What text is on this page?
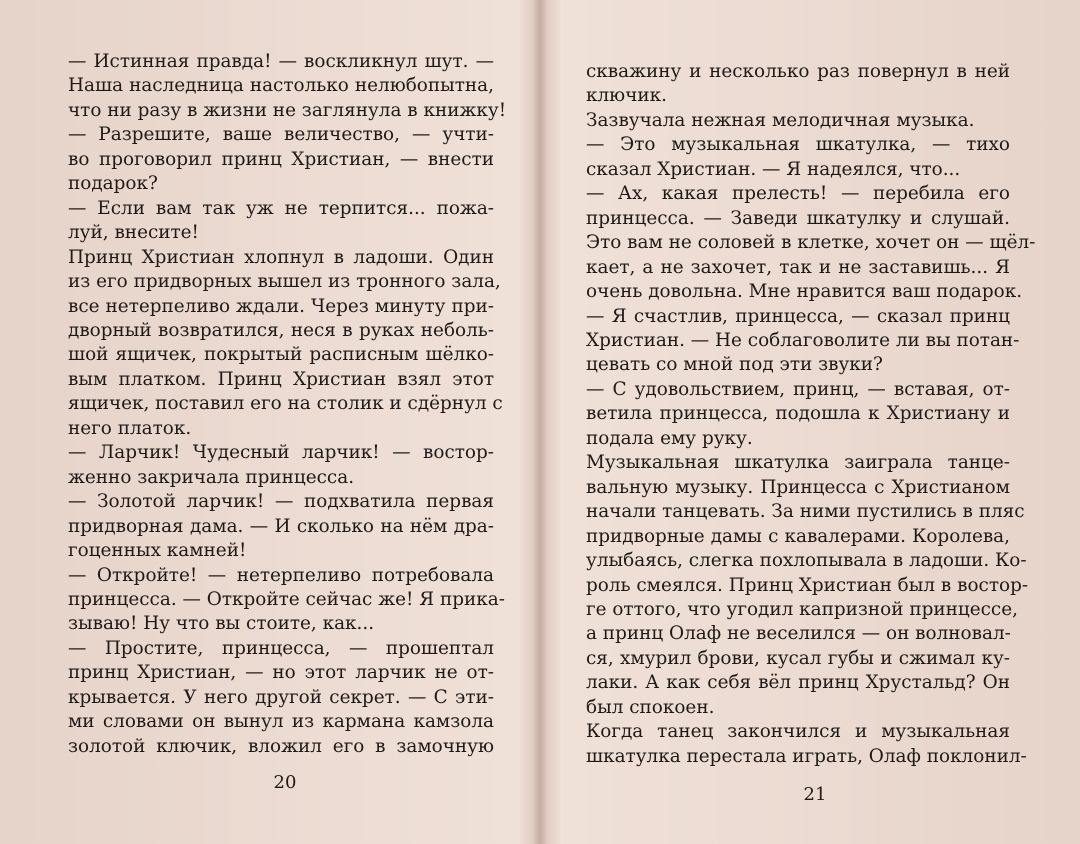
— Истинная правда! — воскликнул шут. —
Наша наследница настолько нелюбопытна,
что ни разу в жизни не заглянула в книжку!
— Разрешите, ваше величество, — учти-
во проговорил принц Христиан, — внести
подарок?
— Если вам так уж не терпится... пожа-
луй, внесите!
Принц Христиан хлопнул в ладоши. Один
из его придворных вышел из тронного зала,
все нетерпеливо ждали. Через минуту при-
дворный возвратился, неся в руках неболь-
шой ящичек, покрытый расписным шёлко-
вым платком. Принц Христиан взял этот
ящичек, поставил его на столик и сдёрнул с
него платок.
— Ларчик! Чудесный ларчик! — востор-
женно закричала принцесса.
— Золотой ларчик! — подхватила первая
придворная дама. — И сколько на нём дра-
гоценных камней!
— Откройте! — нетерпеливо потребовала
принцесса. — Откройте сейчас же! Я прика-
зываю! Ну что вы стоите, как...
— Простите, принцесса, — прошептал
принц Христиан, — но этот ларчик не от-
крывается. У него другой секрет. — С эти-
ми словами он вынул из кармана камзола
золотой ключик, вложил его в замочную
20
скважину и несколько раз повернул в ней
ключик.
Зазвучала нежная мелодичная музыка.
— Это музыкальная шкатулка, — тихо
сказал Христиан. — Я надеялся, что...
— Ах, какая прелесть! — перебила его
принцесса. — Заведи шкатулку и слушай.
Это вам не соловей в клетке, хочет он — щёл-
кает, а не захочет, так и не заставишь... Я
очень довольна. Мне нравится ваш подарок.
— Я счастлив, принцесса, — сказал принц
Христиан. — Не соблаговолите ли вы потан-
цевать со мной под эти звуки?
— С удовольствием, принц, — вставая, от-
ветила принцесса, подошла к Христиану и
подала ему руку.
Музыкальная шкатулка заиграла танце-
вальную музыку. Принцесса с Христианом
начали танцевать. За ними пустились в пляс
придворные дамы с кавалерами. Королева,
улыбаясь, слегка похлопывала в ладоши. Ко-
роль смеялся. Принц Христиан был в востор-
ге оттого, что угодил капризной принцессе,
а принц Олаф не веселился — он волновал-
ся, хмурил брови, кусал губы и сжимал ку-
лаки. А как себя вёл принц Хрустальд? Он
был спокоен.
Когда танец закончился и музыкальная
шкатулка перестала играть, Олаф поклонил-
21
